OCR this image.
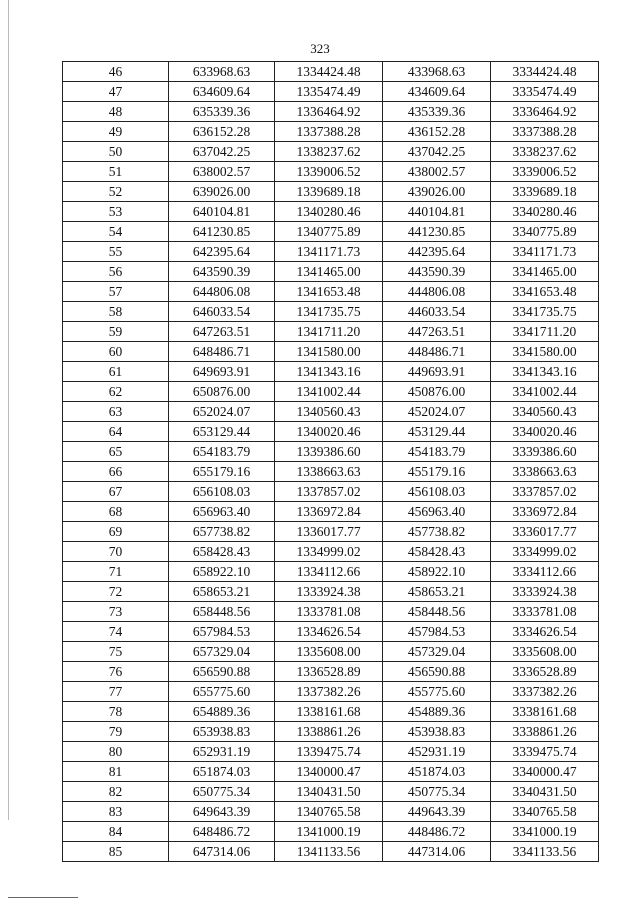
323
46	633968.63	1334424.48	433968.63	3334424.48
47	634609.64	1335474.49	434609.64	3335474.49
48	635339.36	1336464.92	435339.36	3336464.92
49	636152.28	1337388.28	436152.28	3337388.28
50	637042.25	1338237.62	437042.25	3338237.62
51	638002.57	1339006.52	438002.57	3339006.52
52	639026.00	1339689.18	439026.00	3339689.18
53	640104.81	1340280.46	440104.81	3340280.46
54	641230.85	1340775.89	441230.85	3340775.89
55	642395.64	1341171.73	442395.64	3341171.73
56	643590.39	1341465.00	443590.39	3341465.00
57	644806.08	1341653.48	444806.08	3341653.48
58	646033.54	1341735.75	446033.54	3341735.75
59	647263.51	1341711.20	447263.51	3341711.20
60	648486.71	1341580.00	448486.71	3341580.00
61	649693.91	1341343.16	449693.91	3341343.16
62	650876.00	1341002.44	450876.00	3341002.44
63	652024.07	1340560.43	452024.07	3340560.43
64	653129.44	1340020.46	453129.44	3340020.46
65	654183.79	1339386.60	454183.79	3339386.60
66	655179.16	1338663.63	455179.16	3338663.63
67	656108.03	1337857.02	456108.03	3337857.02
68	656963.40	1336972.84	456963.40	3336972.84
69	657738.82	1336017.77	457738.82	3336017.77
70	658428.43	1334999.02	458428.43	3334999.02
71	658922.10	1334112.66	458922.10	3334112.66
72	658653.21	1333924.38	458653.21	3333924.38
73	658448.56	1333781.08	458448.56	3333781.08
74	657984.53	1334626.54	457984.53	3334626.54
75	657329.04	1335608.00	457329.04	3335608.00
76	656590.88	1336528.89	456590.88	3336528.89
77	655775.60	1337382.26	455775.60	3337382.26
78	654889.36	1338161.68	454889.36	3338161.68
79	653938.83	1338861.26	453938.83	3338861.26
80	652931.19	1339475.74	452931.19	3339475.74
81	651874.03	1340000.47	451874.03	3340000.47
82	650775.34	1340431.50	450775.34	3340431.50
83	649643.39	1340765.58	449643.39	3340765.58
84	648486.72	1341000.19	448486.72	3341000.19
85	647314.06	1341133.56	447314.06	3341133.56
